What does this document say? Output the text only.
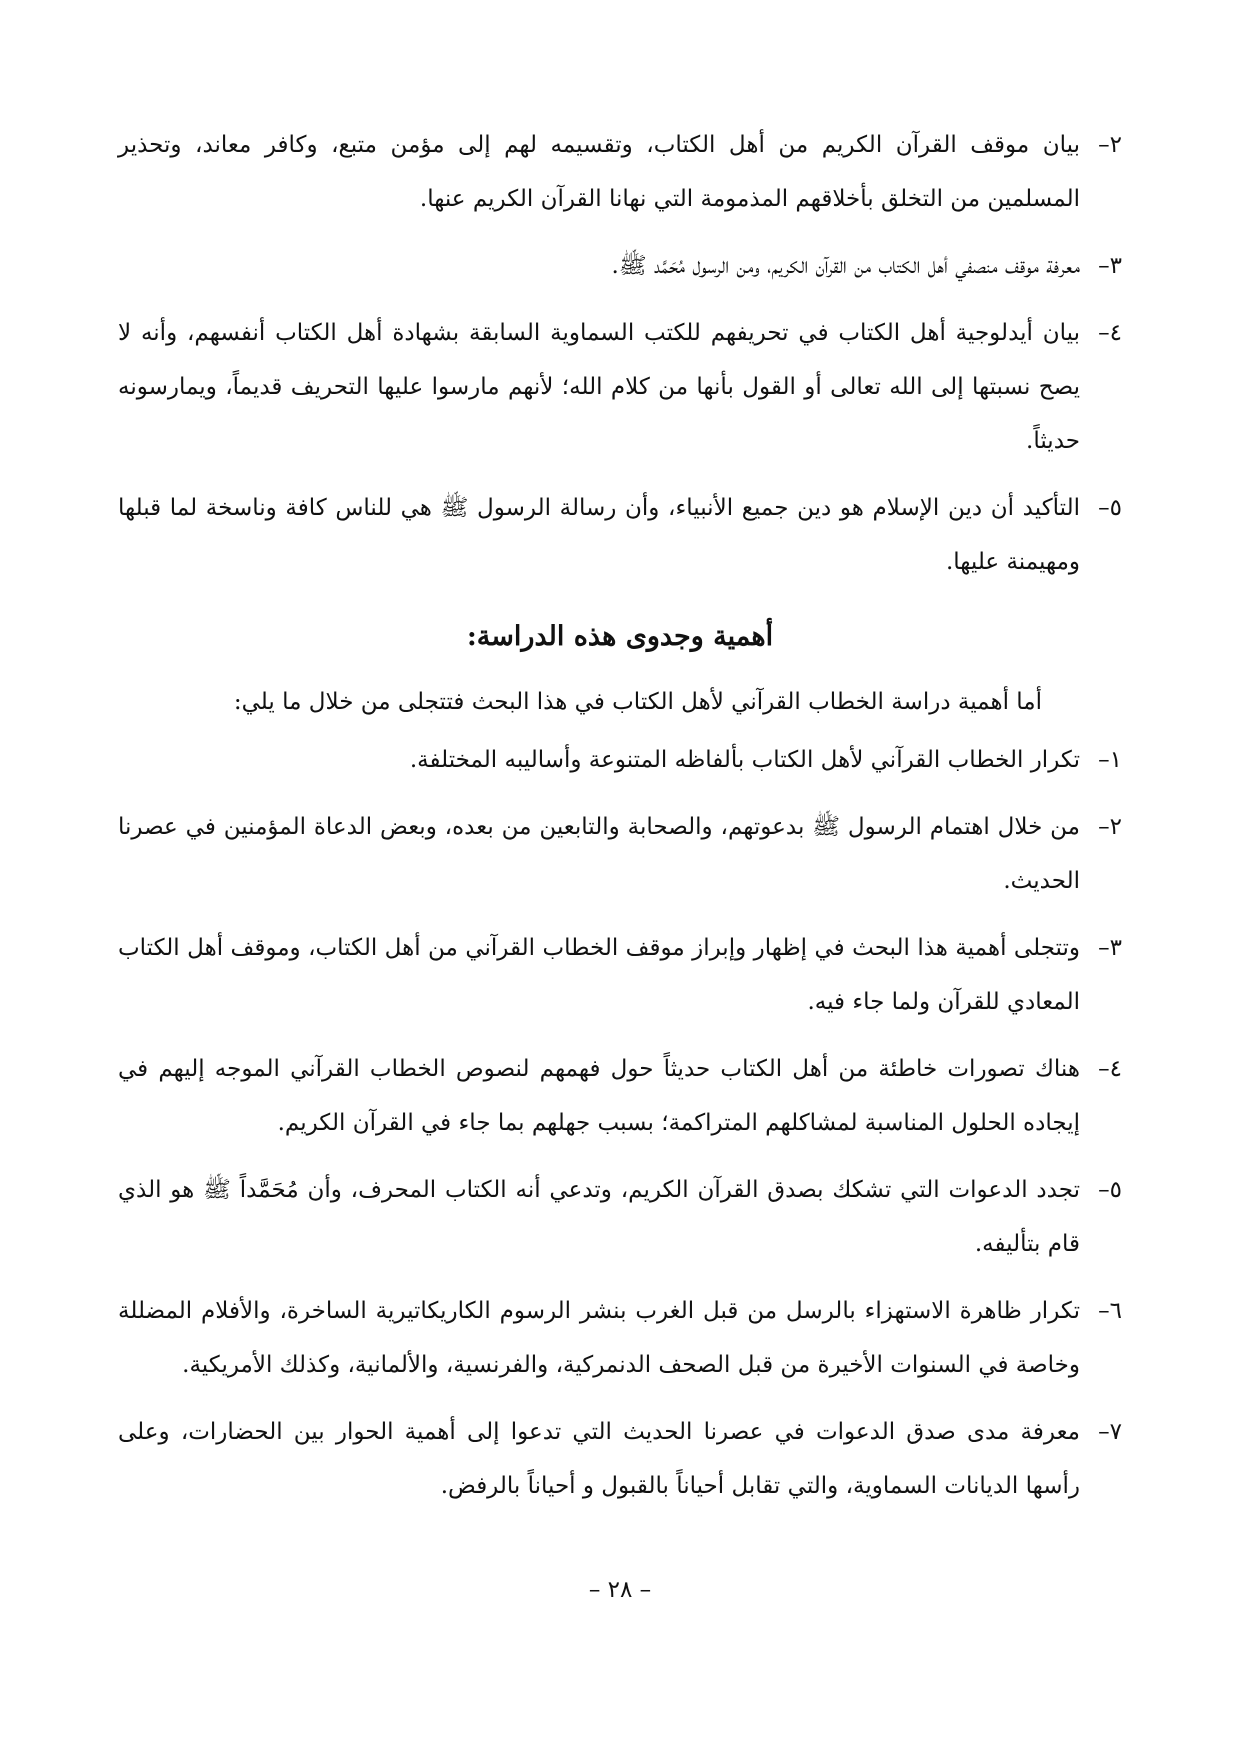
٢–
بيان موقف القرآن الكريم من أهل الكتاب، وتقسيمه لهم إلى مؤمن متبع، وكافر معاند، وتحذير المسلمين من التخلق بأخلاقهم المذمومة التي نهانا القرآن الكريم عنها.
٣–
معرفة موقف منصفي أهل الكتاب من القرآن الكريم، ومن الرسول مُحَمَّد ﷺ.
٤–
بيان أيدلوجية أهل الكتاب في تحريفهم للكتب السماوية السابقة بشهادة أهل الكتاب أنفسهم، وأنه لا يصح نسبتها إلى الله تعالى أو القول بأنها من كلام الله؛ لأنهم مارسوا عليها التحريف قديماً، ويمارسونه حديثاً.
٥–
التأكيد أن دين الإسلام هو دين جميع الأنبياء، وأن رسالة الرسول ﷺ هي للناس كافة وناسخة لما قبلها ومهيمنة عليها.
أهمية وجدوى هذه الدراسة:

أما أهمية دراسة الخطاب القرآني لأهل الكتاب في هذا البحث فتتجلى من خلال ما يلي:

١–
تكرار الخطاب القرآني لأهل الكتاب بألفاظه المتنوعة وأساليبه المختلفة.
٢–
من خلال اهتمام الرسول ﷺ بدعوتهم، والصحابة والتابعين من بعده، وبعض الدعاة المؤمنين في عصرنا الحديث.
٣–
وتتجلى أهمية هذا البحث في إظهار وإبراز موقف الخطاب القرآني من أهل الكتاب، وموقف أهل الكتاب المعادي للقرآن ولما جاء فيه.
٤–
هناك تصورات خاطئة من أهل الكتاب حديثاً حول فهمهم لنصوص الخطاب القرآني الموجه إليهم في إيجاده الحلول المناسبة لمشاكلهم المتراكمة؛ بسبب جهلهم بما جاء في القرآن الكريم.
٥–
تجدد الدعوات التي تشكك بصدق القرآن الكريم، وتدعي أنه الكتاب المحرف، وأن مُحَمَّداً ﷺ هو الذي قام بتأليفه.
٦–
تكرار ظاهرة الاستهزاء بالرسل من قبل الغرب بنشر الرسوم الكاريكاتيرية الساخرة، والأفلام المضللة وخاصة في السنوات الأخيرة من قبل الصحف الدنمركية، والفرنسية، والألمانية، وكذلك الأمريكية.
٧–
معرفة مدى صدق الدعوات في عصرنا الحديث التي تدعوا إلى أهمية الحوار بين الحضارات، وعلى رأسها الديانات السماوية، والتي تقابل أحياناً بالقبول و أحياناً بالرفض.
– ٢٨ –
